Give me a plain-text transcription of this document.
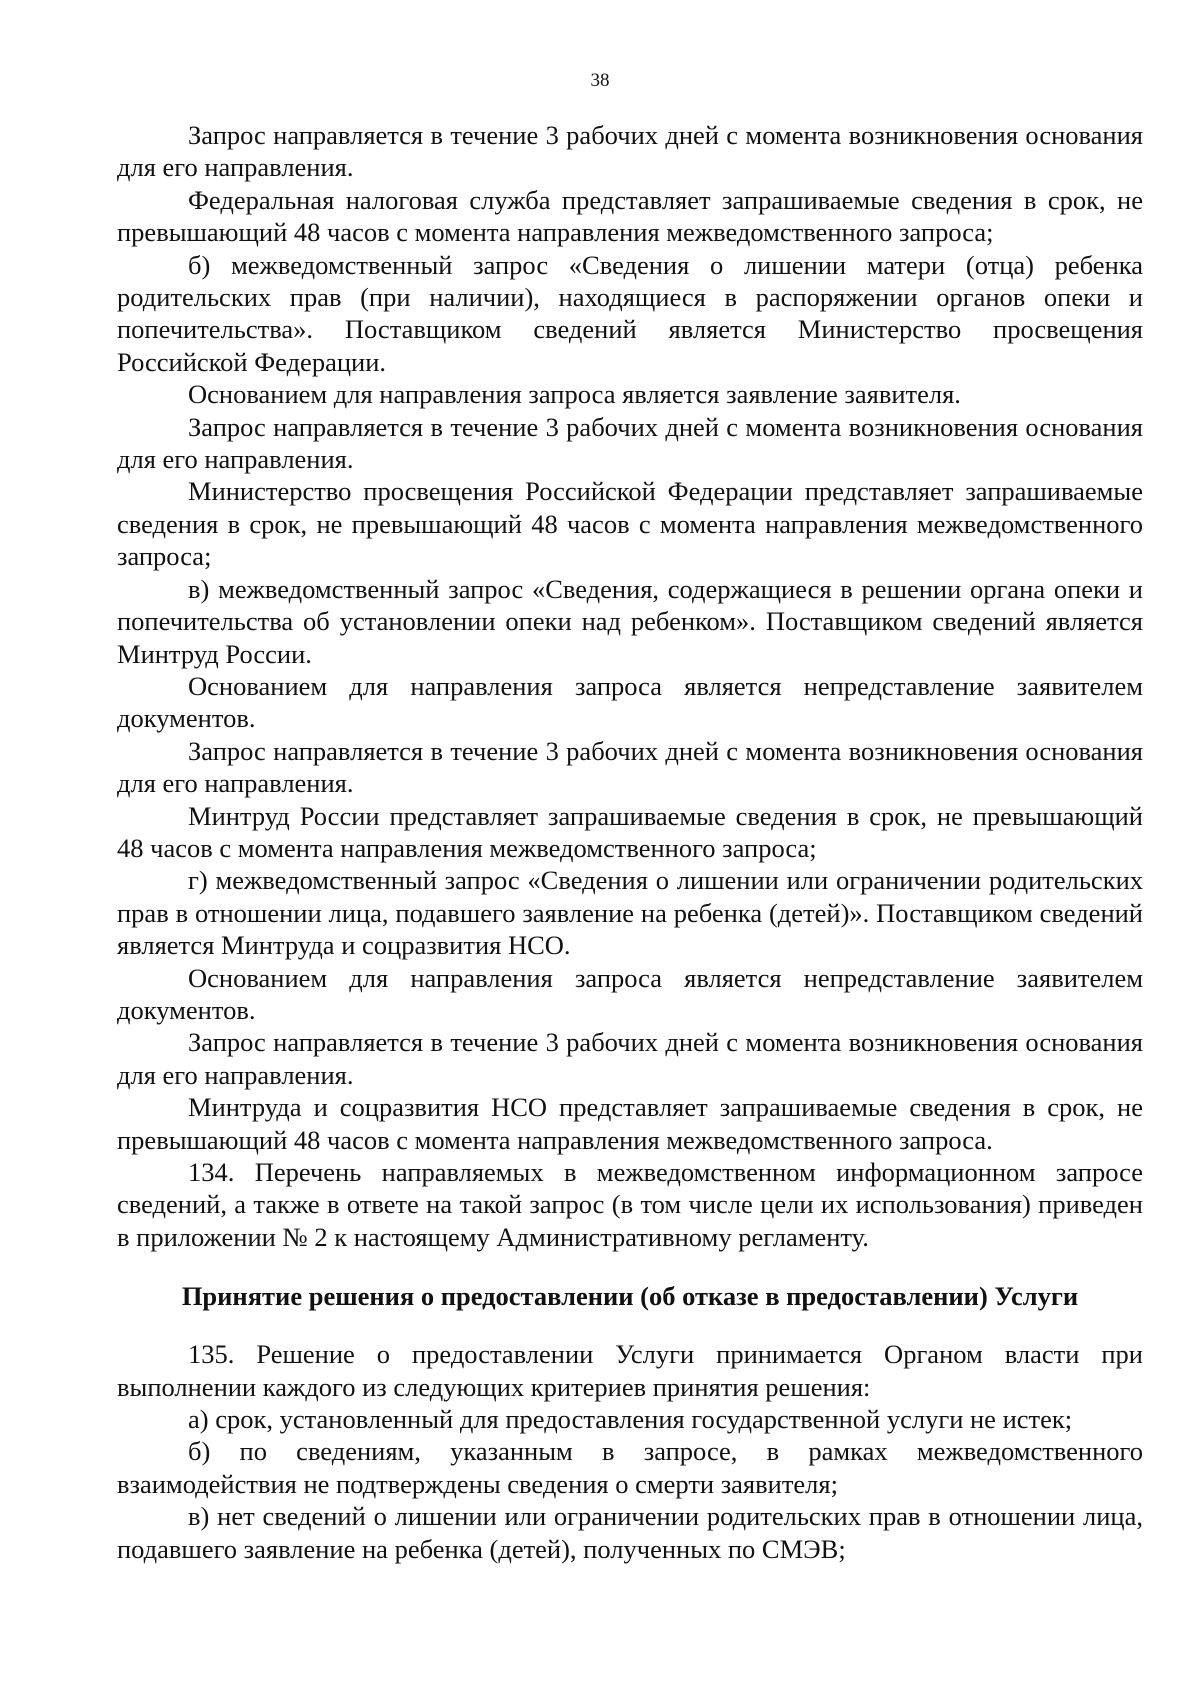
38

Запрос направляется в течение 3 рабочих дней с момента возникновения основания для его направления.

Федеральная налоговая служба представляет запрашиваемые сведения в срок, не превышающий 48 часов с момента направления межведомственного запроса;

б) межведомственный запрос «Сведения о лишении матери (отца) ребенка родительских прав (при наличии), находящиеся в распоряжении органов опеки и попечительства». Поставщиком сведений является Министерство просвещения Российской Федерации.

Основанием для направления запроса является заявление заявителя.

Запрос направляется в течение 3 рабочих дней с момента возникновения основания для его направления.

Министерство просвещения Российской Федерации представляет запрашиваемые сведения в срок, не превышающий 48 часов с момента направления межведомственного запроса;

в) межведомственный запрос «Сведения, содержащиеся в решении органа опеки и попечительства об установлении опеки над ребенком». Поставщиком сведений является Минтруд России.

Основанием для направления запроса является непредставление заявителем документов.

Запрос направляется в течение 3 рабочих дней с момента возникновения основания для его направления.

Минтруд России представляет запрашиваемые сведения в срок, не превышающий 48 часов с момента направления межведомственного запроса;

г) межведомственный запрос «Сведения о лишении или ограничении родительских прав в отношении лица, подавшего заявление на ребенка (детей)». Поставщиком сведений является Минтруда и соцразвития НСО.

Основанием для направления запроса является непредставление заявителем документов.

Запрос направляется в течение 3 рабочих дней с момента возникновения основания для его направления.

Минтруда и соцразвития НСО представляет запрашиваемые сведения в срок, не превышающий 48 часов с момента направления межведомственного запроса.

134. Перечень направляемых в межведомственном информационном запросе сведений, а также в ответе на такой запрос (в том числе цели их использования) приведен в приложении № 2 к настоящему Административному регламенту.

Принятие решения о предоставлении (об отказе в предоставлении) Услуги

135. Решение о предоставлении Услуги принимается Органом власти при выполнении каждого из следующих критериев принятия решения:

а) срок, установленный для предоставления государственной услуги не истек;

б) по сведениям, указанным в запросе, в рамках межведомственного взаимодействия не подтверждены сведения о смерти заявителя;

в) нет сведений о лишении или ограничении родительских прав в отношении лица, подавшего заявление на ребенка (детей), полученных по СМЭВ;
